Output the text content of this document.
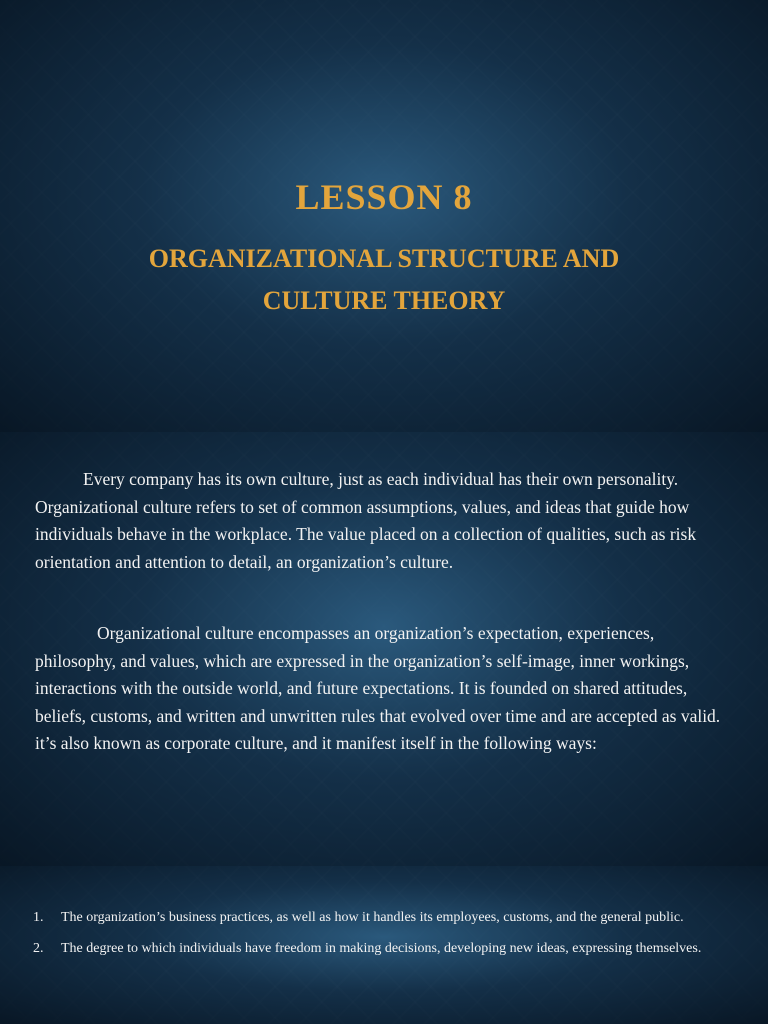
LESSON 8
ORGANIZATIONAL STRUCTURE AND CULTURE THEORY

Every company has its own culture, just as each individual has their own personality. Organizational culture refers to set of common assumptions, values, and ideas that guide how individuals behave in the workplace. The value placed on a collection of qualities, such as risk orientation and attention to detail, an organization’s culture.

Organizational culture encompasses an organization’s expectation, experiences, philosophy, and values, which are expressed in the organization’s self-image, inner workings, interactions with the outside world, and future expectations. It is founded on shared attitudes, beliefs, customs, and written and unwritten rules that evolved over time and are accepted as valid. it’s also known as corporate culture, and it manifest itself in the following ways:

1. The organization’s business practices, as well as how it handles its employees, customs, and the general public.
2. The degree to which individuals have freedom in making decisions, developing new ideas, expressing themselves.
